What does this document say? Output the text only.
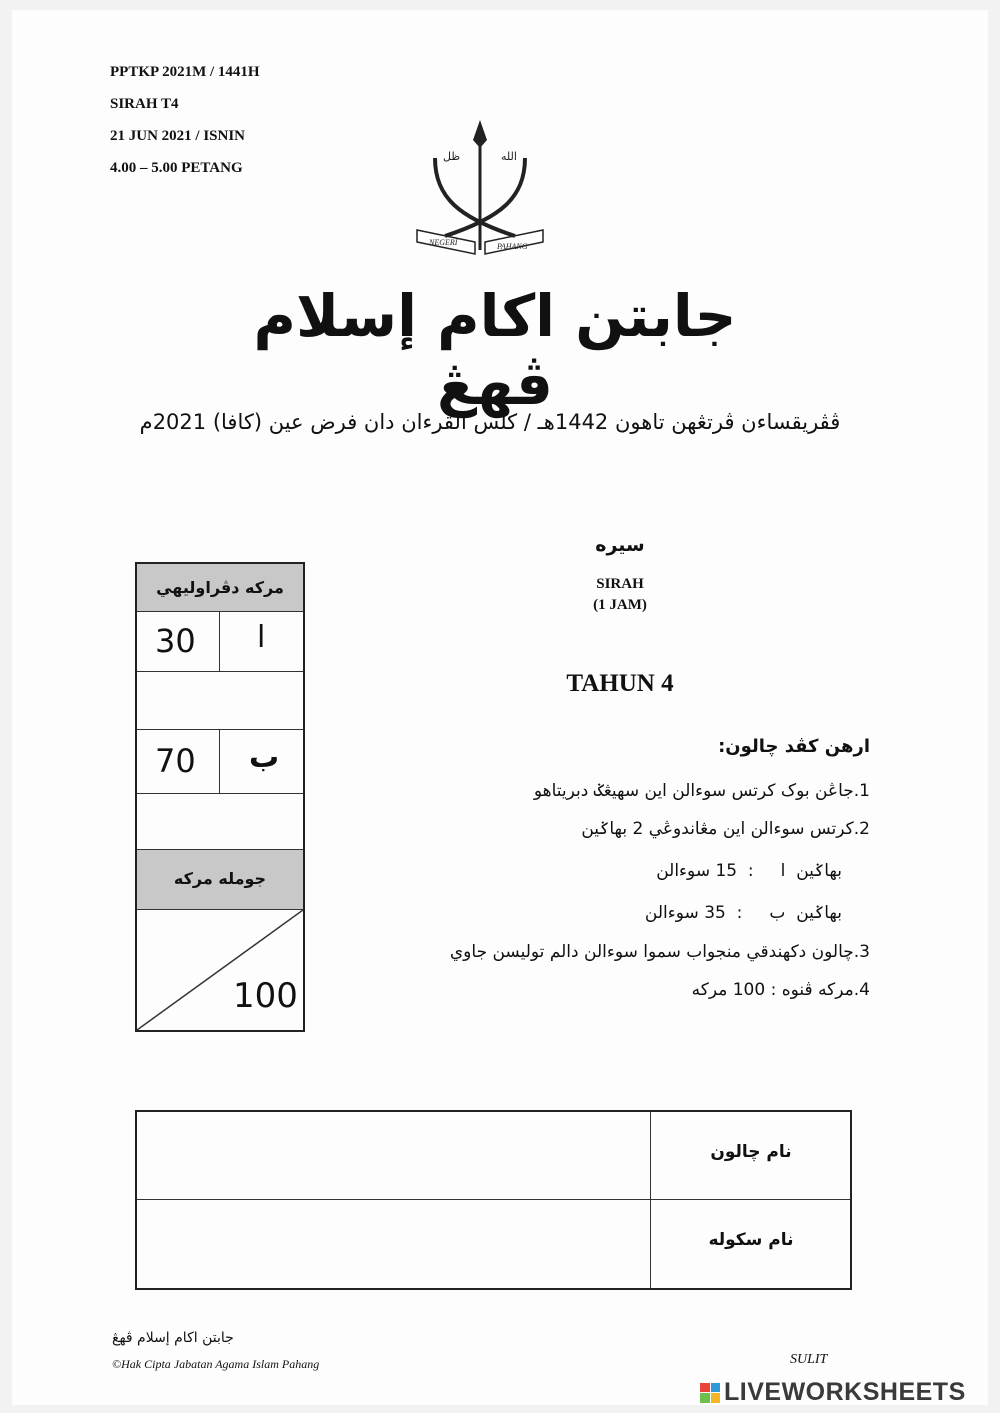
PPTKP 2021M / 1441H
SIRAH T4
21 JUN 2021 / ISNIN
4.00 – 5.00 PETANG
ظل	الله
NEGERI	PAHANG
جابتن اکام إسلام ڤهڠ
ڤڤريقساءن ڤرتڠهن تاهون 1442هـ / كلس القرءان دان فرض عين (كافا) 2021م
سيره
SIRAH
(1 JAM)
TAHUN 4
مرکه دڤراوليهي
30 ا
70 ب
جومله مرکه
100
ارهن کڤد چالون:
1.جاڠن بوک کرتس سوءالن اين سهيڠݢ دبريتاهو
2.کرتس سوءالن اين مڠاندوڠي 2 بهاݢين
بهاݢين  ا     :  15 سوءالن
بهاݢين  ب     :  35 سوءالن
3.چالون دکهندقي منجواب سموا سوءالن دالم توليسن جاوي
4.مرکه ڤنوه : 100 مرکه
نام چالون
نام سکوله
جابتن اکام إسلام ڤهڠ
©Hak Cipta Jabatan Agama Islam Pahang	SULIT
LIVEWORKSHEETS
